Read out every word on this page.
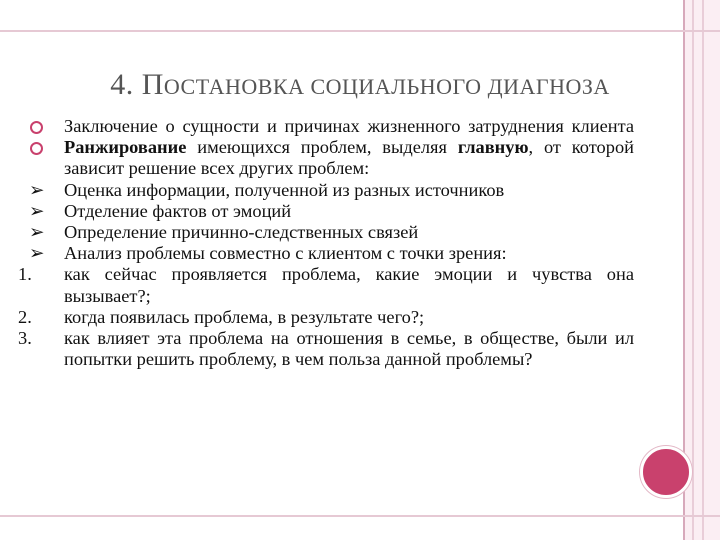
4. ПОСТАНОВКА СОЦИАЛЬНОГО ДИАГНОЗА
Заключение о сущности и причинах жизненного затруднения клиента
Ранжирование имеющихся проблем, выделяя главную, от которой зависит решение всех других проблем:
➢	Оценка информации, полученной из разных источников
➢	Отделение фактов от эмоций
➢	Определение причинно-следственных связей
➢	Анализ проблемы совместно с клиентом с точки зрения:
1.	как сейчас проявляется проблема, какие эмоции и чувства она вызывает?;
2.	когда появилась проблема, в результате чего?;
3.	как влияет эта проблема на отношения в семье, в обществе, были ил попытки решить проблему, в чем польза данной проблемы?
